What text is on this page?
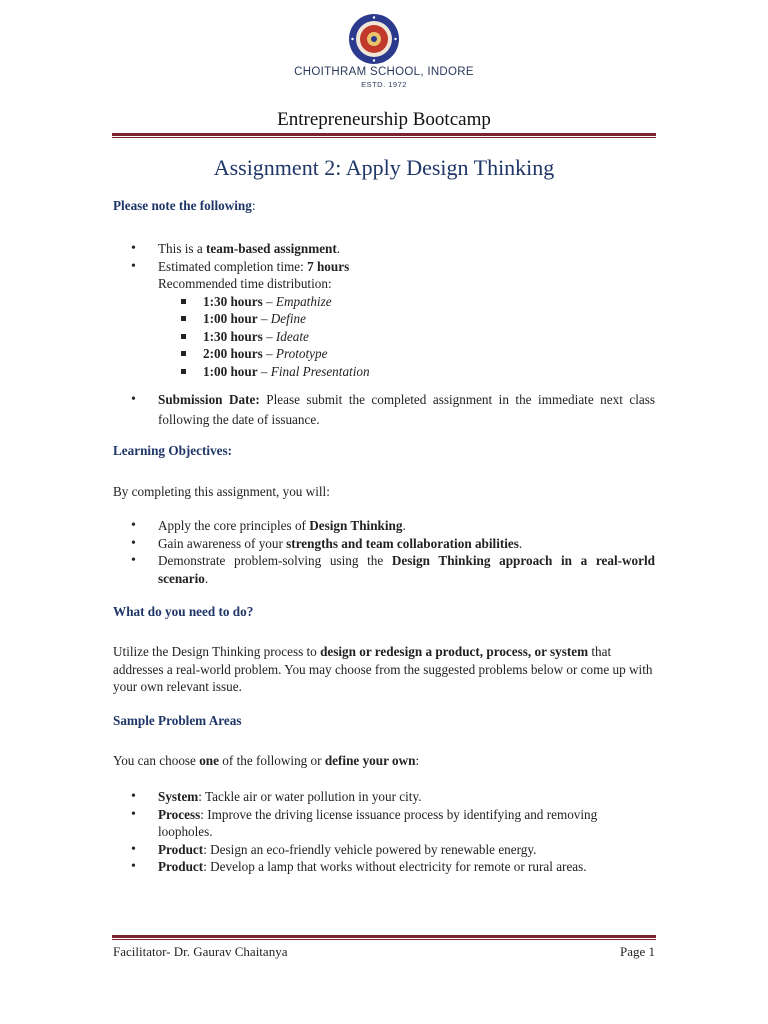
CHOITHRAM SCHOOL, INDORE
ESTD. 1972
Entrepreneurship Bootcamp
Assignment 2: Apply Design Thinking
Please note the following:
• This is a team-based assignment.
• Estimated completion time: 7 hours
Recommended time distribution:
1:30 hours – Empathize
1:00 hour – Define
1:30 hours – Ideate
2:00 hours – Prototype
1:00 hour – Final Presentation
• Submission Date: Please submit the completed assignment in the immediate next class following the date of issuance.
Learning Objectives:
By completing this assignment, you will:
• Apply the core principles of Design Thinking.
• Gain awareness of your strengths and team collaboration abilities.
• Demonstrate problem-solving using the Design Thinking approach in a real-world scenario.
What do you need to do?
Utilize the Design Thinking process to design or redesign a product, process, or system that addresses a real-world problem. You may choose from the suggested problems below or come up with your own relevant issue.
Sample Problem Areas
You can choose one of the following or define your own:
• System: Tackle air or water pollution in your city.
• Process: Improve the driving license issuance process by identifying and removing loopholes.
• Product: Design an eco-friendly vehicle powered by renewable energy.
• Product: Develop a lamp that works without electricity for remote or rural areas.
Facilitator- Dr. Gaurav Chaitanya	Page 1
